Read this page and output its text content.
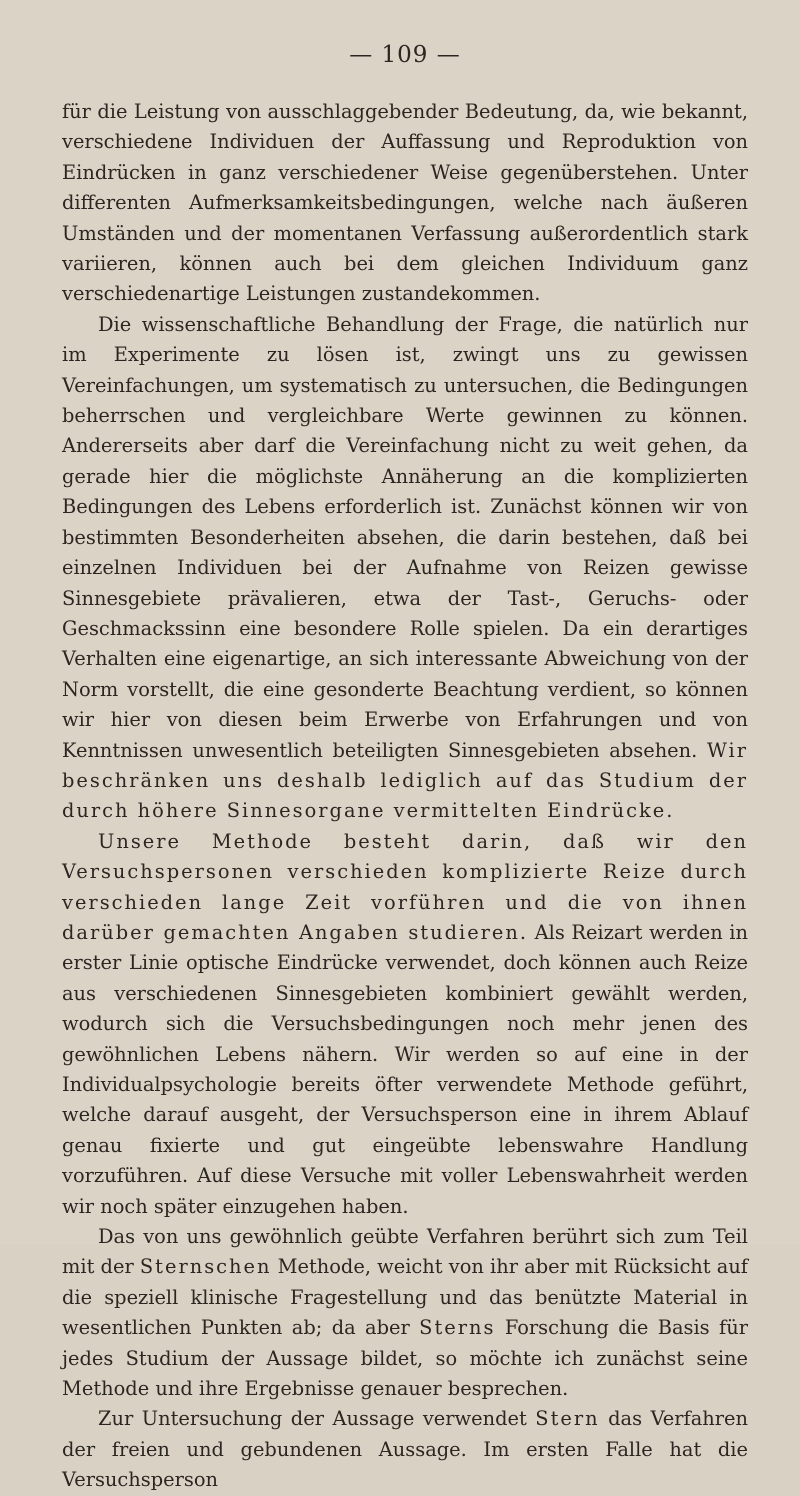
— 109 —

für die Leistung von ausschlaggebender Bedeutung, da, wie bekannt, verschiedene Individuen der Auffassung und Reproduktion von Eindrücken in ganz verschiedener Weise gegenüberstehen. Unter differenten Aufmerksamkeitsbedingungen, welche nach äußeren Umständen und der momentanen Verfassung außerordentlich stark variieren, können auch bei dem gleichen Individuum ganz verschiedenartige Leistungen zustandekommen.

Die wissenschaftliche Behandlung der Frage, die natürlich nur im Experimente zu lösen ist, zwingt uns zu gewissen Vereinfachungen, um systematisch zu untersuchen, die Bedingungen beherrschen und vergleichbare Werte gewinnen zu können. Andererseits aber darf die Vereinfachung nicht zu weit gehen, da gerade hier die möglichste Annäherung an die komplizierten Bedingungen des Lebens erforderlich ist. Zunächst können wir von bestimmten Besonderheiten absehen, die darin bestehen, daß bei einzelnen Individuen bei der Aufnahme von Reizen gewisse Sinnesgebiete prävalieren, etwa der Tast-, Geruchs- oder Geschmackssinn eine besondere Rolle spielen. Da ein derartiges Verhalten eine eigenartige, an sich interessante Abweichung von der Norm vorstellt, die eine gesonderte Beachtung verdient, so können wir hier von diesen beim Erwerbe von Erfahrungen und von Kenntnissen unwesentlich beteiligten Sinnesgebieten absehen. Wir beschränken uns deshalb lediglich auf das Studium der durch höhere Sinnesorgane vermittelten Eindrücke.

Unsere Methode besteht darin, daß wir den Versuchspersonen verschieden komplizierte Reize durch verschieden lange Zeit vorführen und die von ihnen darüber gemachten Angaben studieren. Als Reizart werden in erster Linie optische Eindrücke verwendet, doch können auch Reize aus verschiedenen Sinnesgebieten kombiniert gewählt werden, wodurch sich die Versuchsbedingungen noch mehr jenen des gewöhnlichen Lebens nähern. Wir werden so auf eine in der Individualpsychologie bereits öfter verwendete Methode geführt, welche darauf ausgeht, der Versuchsperson eine in ihrem Ablauf genau fixierte und gut eingeübte lebenswahre Handlung vorzuführen. Auf diese Versuche mit voller Lebenswahrheit werden wir noch später einzugehen haben.

Das von uns gewöhnlich geübte Verfahren berührt sich zum Teil mit der Sternschen Methode, weicht von ihr aber mit Rücksicht auf die speziell klinische Fragestellung und das benützte Material in wesentlichen Punkten ab; da aber Sterns Forschung die Basis für jedes Studium der Aussage bildet, so möchte ich zunächst seine Methode und ihre Ergebnisse genauer besprechen.

Zur Untersuchung der Aussage verwendet Stern das Verfahren der freien und gebundenen Aussage. Im ersten Falle hat die Versuchsperson
